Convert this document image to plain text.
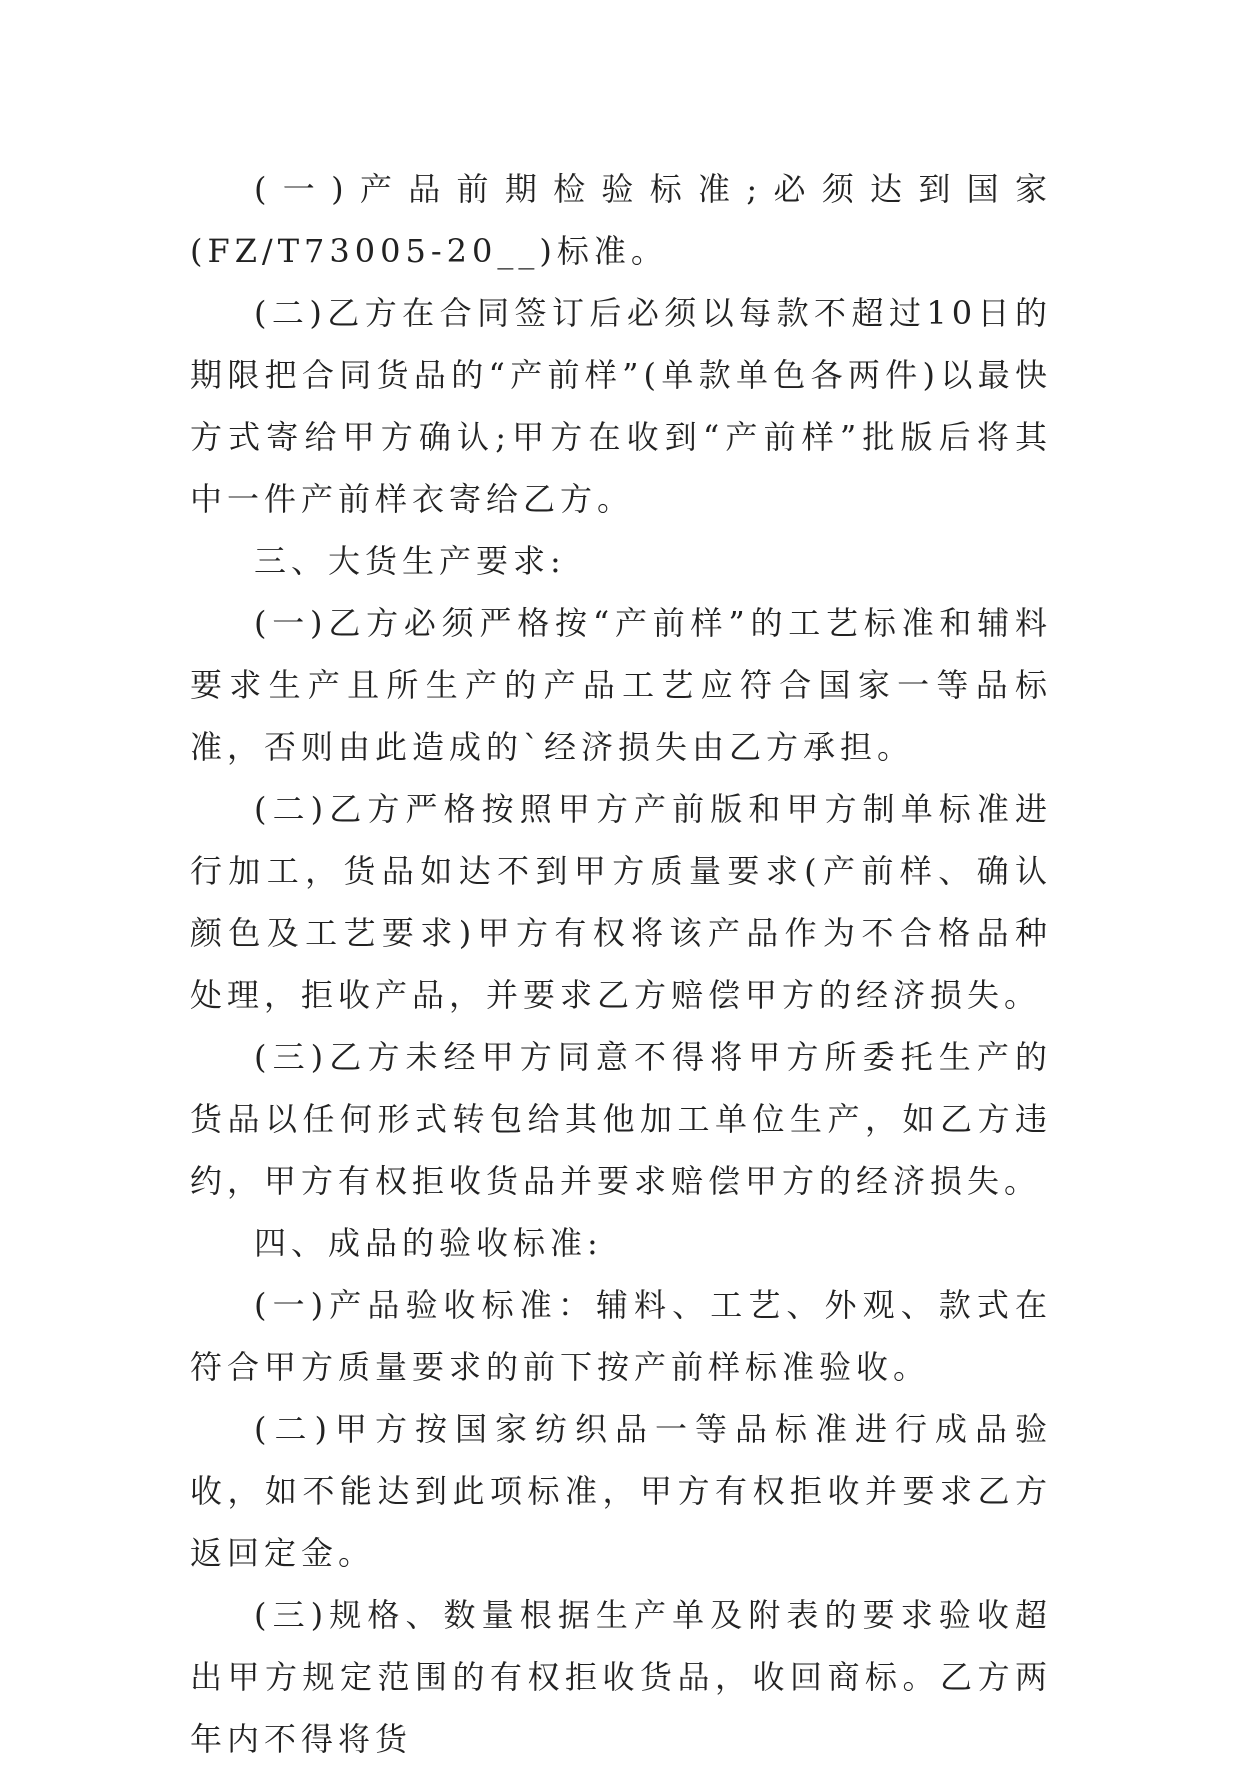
(一)产品前期检验标准;必须达到国家(FZ/T73005-20__)标准。

(二)乙方在合同签订后必须以每款不超过10日的期限把合同货品的“产前样”(单款单色各两件)以最快方式寄给甲方确认;甲方在收到“产前样”批版后将其中一件产前样衣寄给乙方。

三、大货生产要求:

(一)乙方必须严格按“产前样”的工艺标准和辅料要求生产且所生产的产品工艺应符合国家一等品标准，否则由此造成的`经济损失由乙方承担。

(二)乙方严格按照甲方产前版和甲方制单标准进行加工，货品如达不到甲方质量要求(产前样、确认颜色及工艺要求)甲方有权将该产品作为不合格品种处理，拒收产品，并要求乙方赔偿甲方的经济损失。

(三)乙方未经甲方同意不得将甲方所委托生产的货品以任何形式转包给其他加工单位生产，如乙方违约，甲方有权拒收货品并要求赔偿甲方的经济损失。

四、成品的验收标准:

(一)产品验收标准：辅料、工艺、外观、款式在符合甲方质量要求的前下按产前样标准验收。

(二)甲方按国家纺织品一等品标准进行成品验收，如不能达到此项标准，甲方有权拒收并要求乙方返回定金。

(三)规格、数量根据生产单及附表的要求验收超出甲方规定范围的有权拒收货品，收回商标。乙方两年内不得将货
